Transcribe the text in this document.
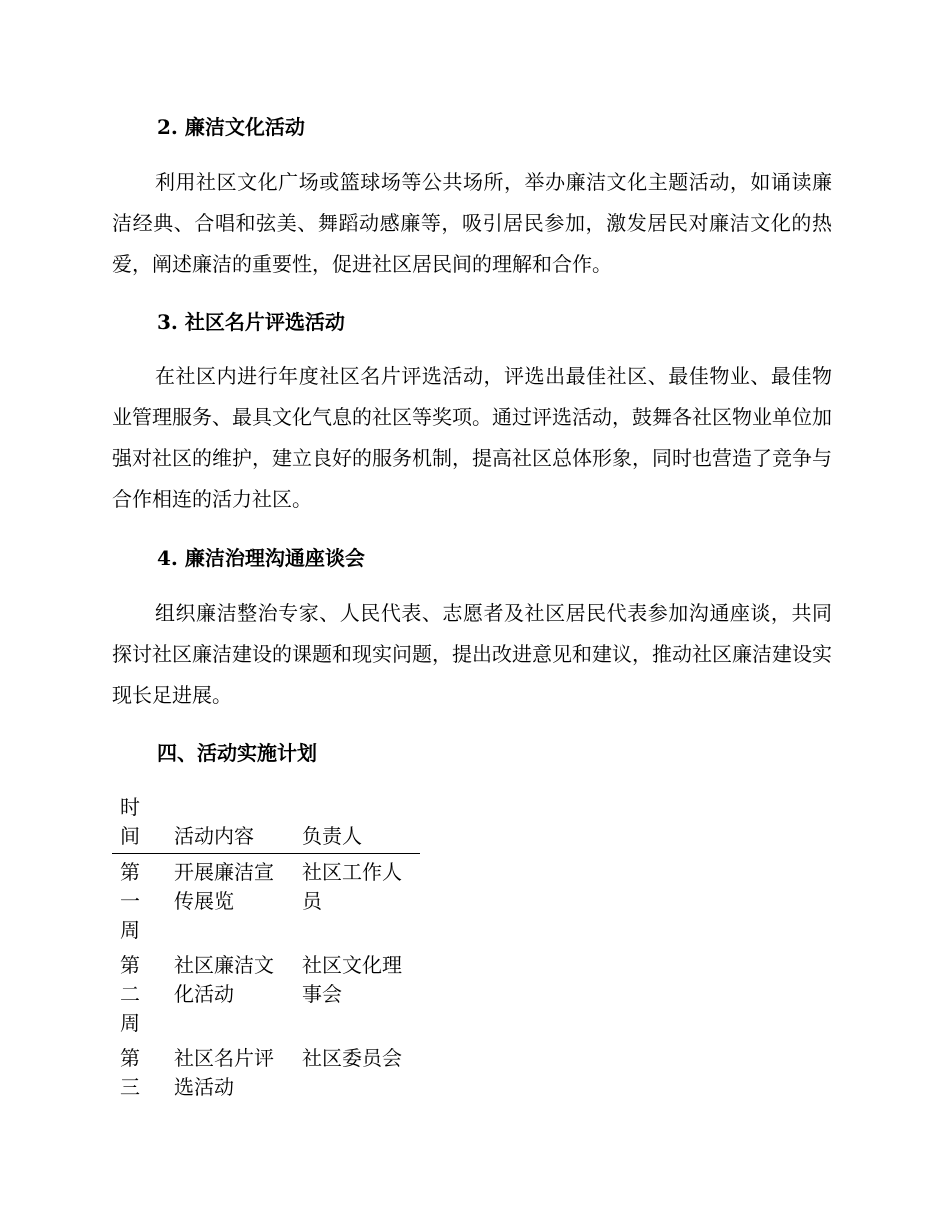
2. 廉洁文化活动
利用社区文化广场或篮球场等公共场所，举办廉洁文化主题活动，如诵读廉洁经典、合唱和弦美、舞蹈动感廉等，吸引居民参加，激发居民对廉洁文化的热爱，阐述廉洁的重要性，促进社区居民间的理解和合作。
3. 社区名片评选活动
在社区内进行年度社区名片评选活动，评选出最佳社区、最佳物业、最佳物业管理服务、最具文化气息的社区等奖项。通过评选活动，鼓舞各社区物业单位加强对社区的维护，建立良好的服务机制，提高社区总体形象，同时也营造了竞争与合作相连的活力社区。
4. 廉洁治理沟通座谈会
组织廉洁整治专家、人民代表、志愿者及社区居民代表参加沟通座谈，共同探讨社区廉洁建设的课题和现实问题，提出改进意见和建议，推动社区廉洁建设实现长足进展。
四、活动实施计划
时间	活动内容	负责人

第一周	开展廉洁宣传展览	社区工作人员

第二周	社区廉洁文化活动	社区文化理事会

第三	社区名片评选活动	社区委员会
